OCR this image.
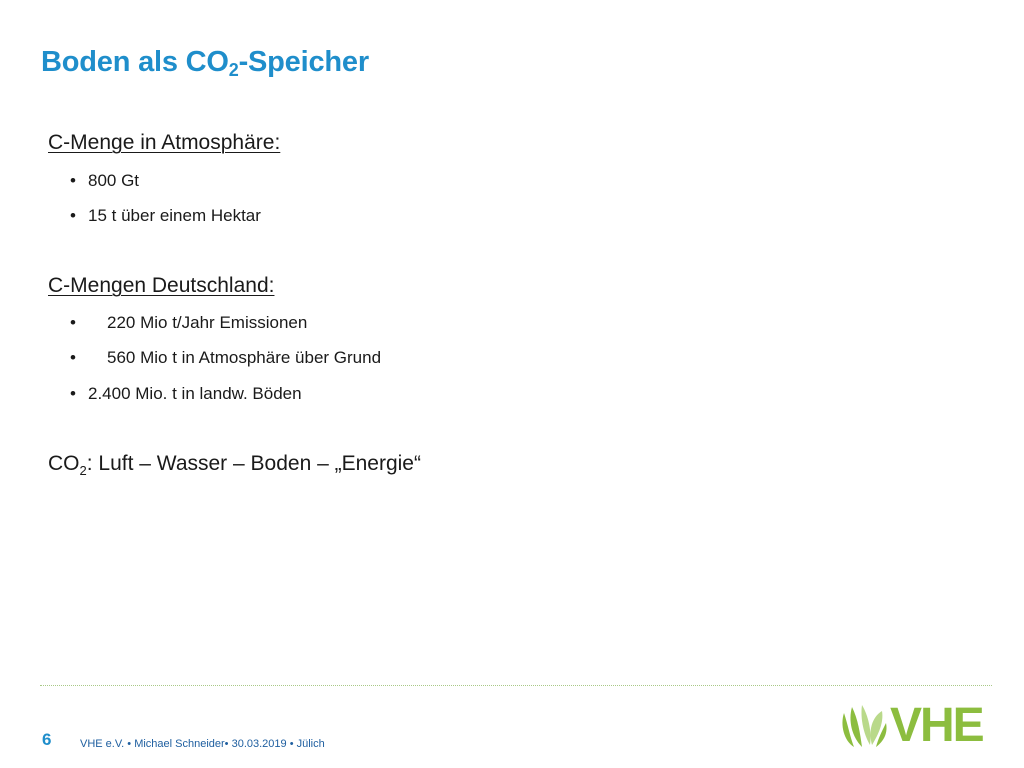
Boden als $CO_2$-Speicher

C-Menge in Atmosphäre:

• 800 Gt
• 15 t über einem Hektar

C-Mengen Deutschland:

•	220 Mio t/Jahr Emissionen
•	560 Mio t in Atmosphäre über Grund
• 2.400 Mio. t in landw. Böden

$CO_2$: Luft – Wasser – Boden – „Energie“

6	VHE e.V. • Michael Schneider• 30.03.2019 • Jülich	VHE
